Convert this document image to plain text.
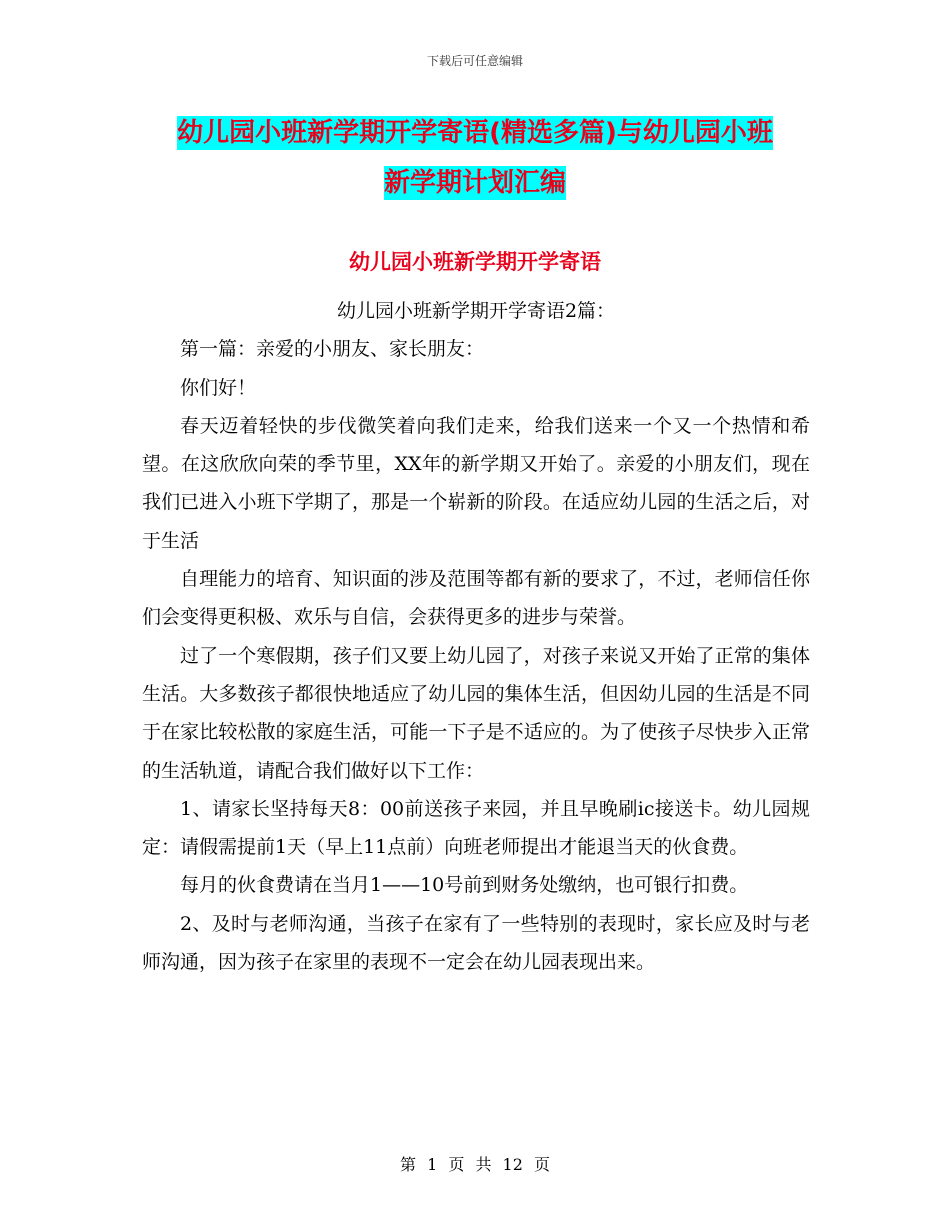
下载后可任意编辑
幼儿园小班新学期开学寄语(精选多篇)与幼儿园小班
新学期计划汇编
幼儿园小班新学期开学寄语

幼儿园小班新学期开学寄语2篇：

第一篇：亲爱的小朋友、家长朋友：

你们好！

春天迈着轻快的步伐微笑着向我们走来，给我们送来一个又一个热情和希望。在这欣欣向荣的季节里，XX年的新学期又开始了。亲爱的小朋友们，现在我们已进入小班下学期了，那是一个崭新的阶段。在适应幼儿园的生活之后，对于生活

自理能力的培育、知识面的涉及范围等都有新的要求了，不过，老师信任你们会变得更积极、欢乐与自信，会获得更多的进步与荣誉。

过了一个寒假期，孩子们又要上幼儿园了，对孩子来说又开始了正常的集体生活。大多数孩子都很快地适应了幼儿园的集体生活，但因幼儿园的生活是不同于在家比较松散的家庭生活，可能一下子是不适应的。为了使孩子尽快步入正常的生活轨道，请配合我们做好以下工作：

1、请家长坚持每天8：00前送孩子来园，并且早晚刷ic接送卡。幼儿园规定：请假需提前1天（早上11点前）向班老师提出才能退当天的伙食费。

每月的伙食费请在当月1——10号前到财务处缴纳，也可银行扣费。

2、及时与老师沟通，当孩子在家有了一些特别的表现时，家长应及时与老师沟通，因为孩子在家里的表现不一定会在幼儿园表现出来。

第 1 页 共 12 页
